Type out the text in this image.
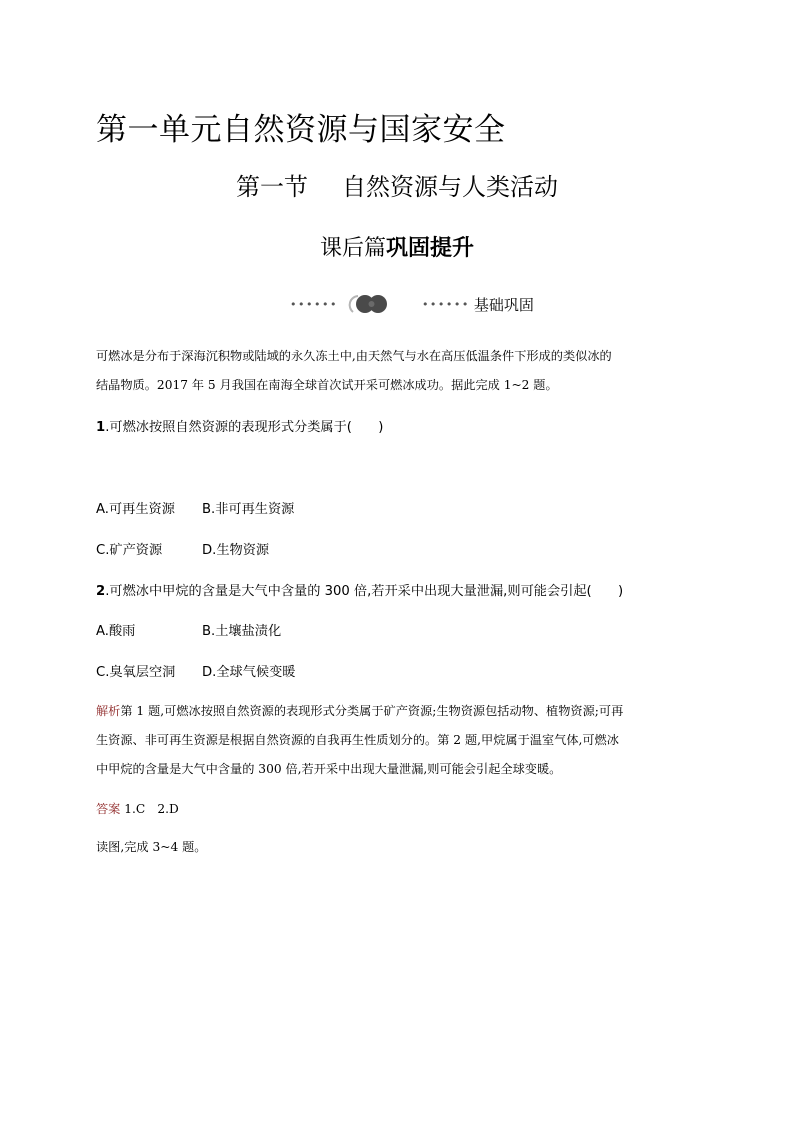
第一单元自然资源与国家安全
第一节 自然资源与人类活动
课后篇巩固提升
••••••	•••••• 基础巩固
可燃冰是分布于深海沉积物或陆域的永久冻土中,由天然气与水在高压低温条件下形成的类似冰的
结晶物质。2017 年 5 月我国在南海全球首次试开采可燃冰成功。据此完成 1~2 题。
1.可燃冰按照自然资源的表现形式分类属于(　　)
A.可再生资源 B.非可再生资源
C.矿产资源	D.生物资源
2.可燃冰中甲烷的含量是大气中含量的 300 倍,若开采中出现大量泄漏,则可能会引起(　　)
A.酸雨	B.土壤盐渍化
C.臭氧层空洞 D.全球气候变暖
解析第 1 题,可燃冰按照自然资源的表现形式分类属于矿产资源;生物资源包括动物、植物资源;可再
生资源、非可再生资源是根据自然资源的自我再生性质划分的。第 2 题,甲烷属于温室气体,可燃冰
中甲烷的含量是大气中含量的 300 倍,若开采中出现大量泄漏,则可能会引起全球变暖。
答案 1.C　2.D
读图,完成 3~4 题。
